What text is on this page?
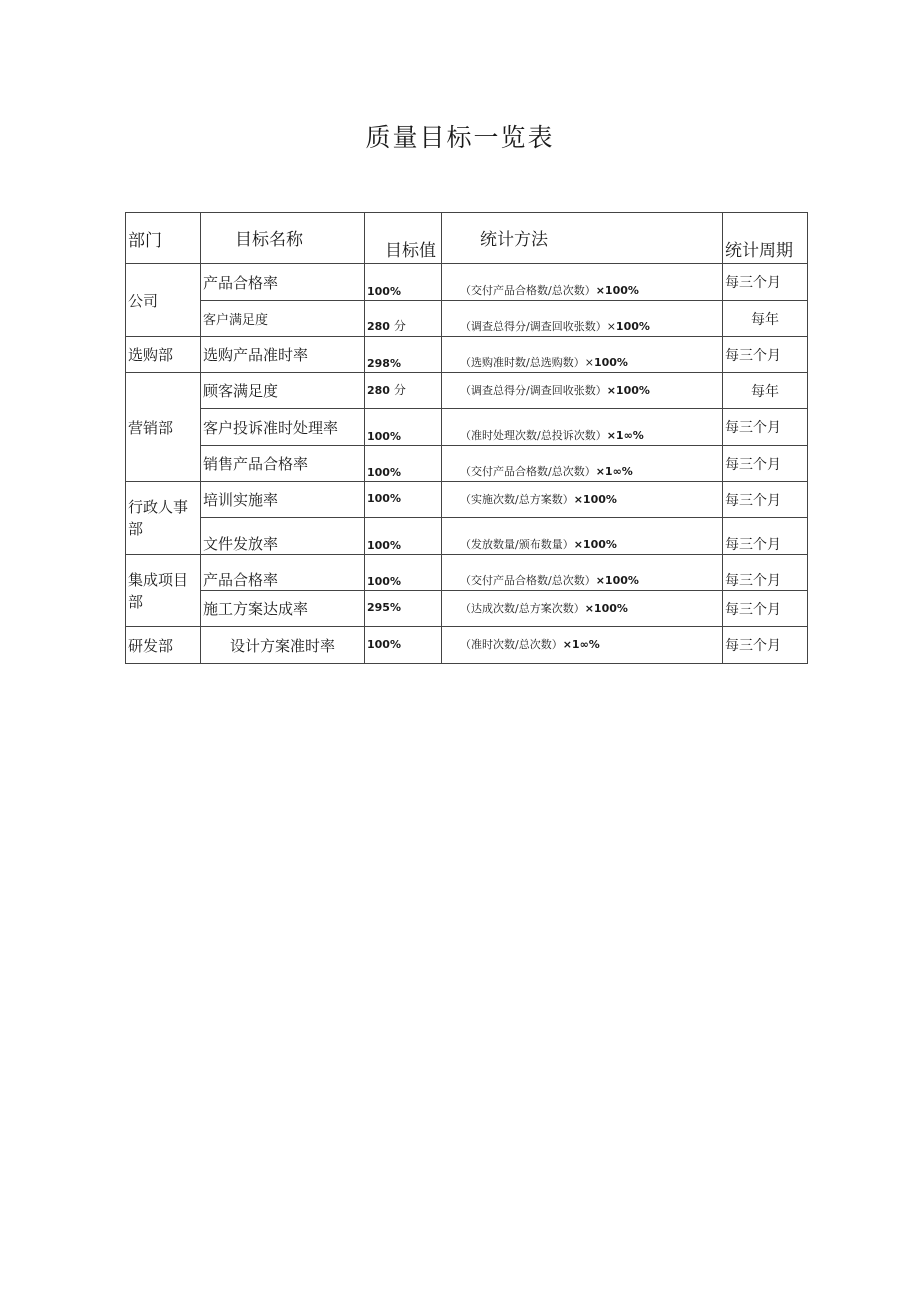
质量目标一览表
部门	目标名称	目标值	统计方法	统计周期
公司	产品合格率	100%	（交付产品合格数/总次数）×100%	每三个月
	客户满足度	280 分	（调查总得分/调查回收张数）×100%	每年
选购部	选购产品准时率	298%	（选购准时数/总选购数）×100%	每三个月
营销部	顾客满足度	280 分	（调查总得分/调查回收张数）×100%	每年
	客户投诉准时处理率	100%	（准时处理次数/总投诉次数）×1∞%	每三个月
	销售产品合格率	100%	（交付产品合格数/总次数）×1∞%	每三个月
行政人事部	培训实施率	100%	（实施次数/总方案数）×100%	每三个月
	文件发放率	100%	（发放数量/颁布数量）×100%	每三个月
集成项目部	产品合格率	100%	（交付产品合格数/总次数）×100%	每三个月
	施工方案达成率	295%	（达成次数/总方案次数）×100%	每三个月
研发部	设计方案准时率	100%	（准时次数/总次数）×1∞%	每三个月
